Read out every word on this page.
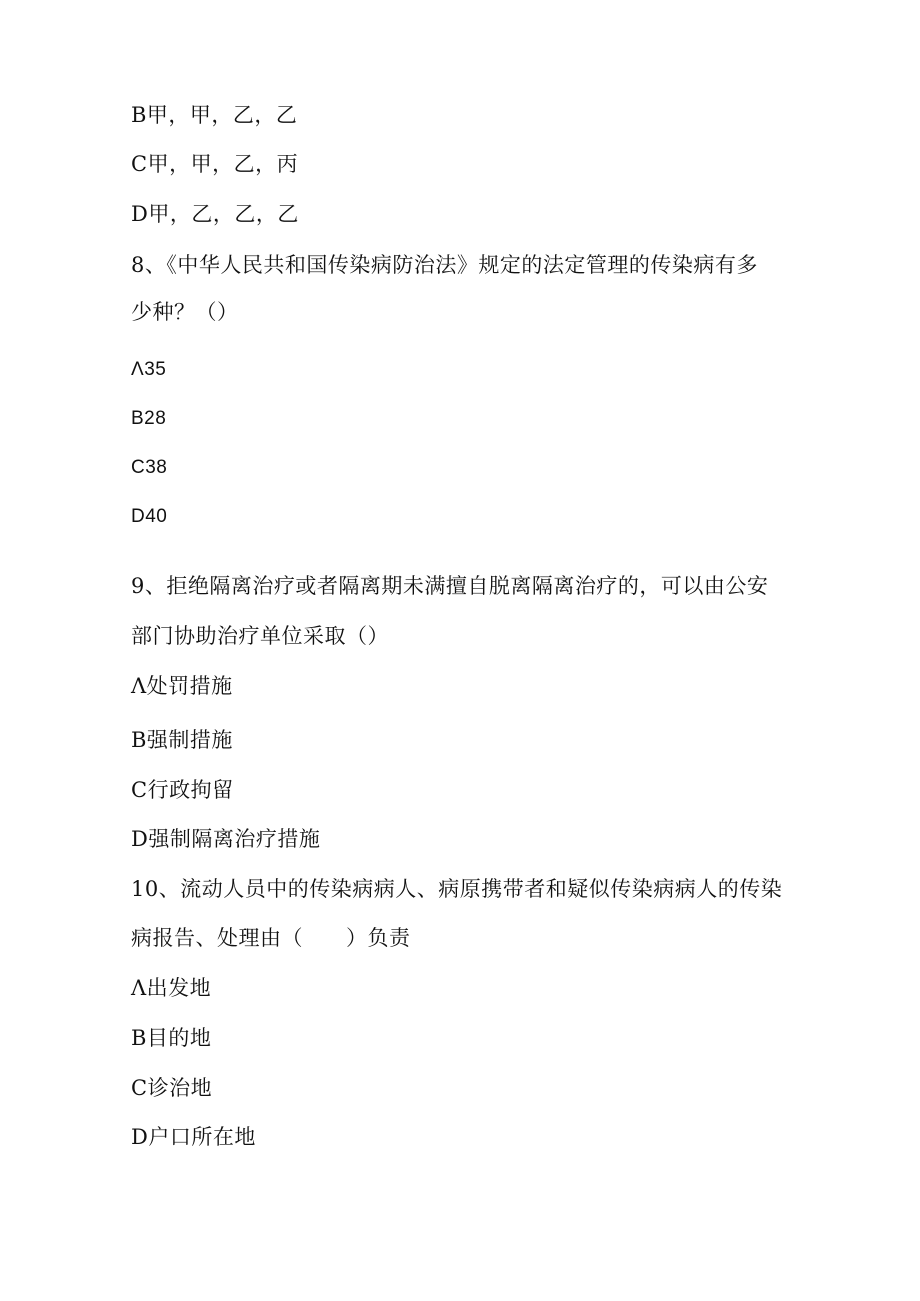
B甲，甲，乙，乙
C甲，甲，乙，丙
D甲，乙，乙，乙
8、《中华人民共和国传染病防治法》规定的法定管理的传染病有多
少种？（）
Λ35
B28
C38
D40
9、拒绝隔离治疗或者隔离期未满擅自脱离隔离治疗的，可以由公安
部门协助治疗单位采取（）
Λ处罚措施
B强制措施
C行政拘留
D强制隔离治疗措施
10、流动人员中的传染病病人、病原携带者和疑似传染病病人的传染
病报告、处理由（　　）负责
Λ出发地
B目的地
C诊治地
D户口所在地
